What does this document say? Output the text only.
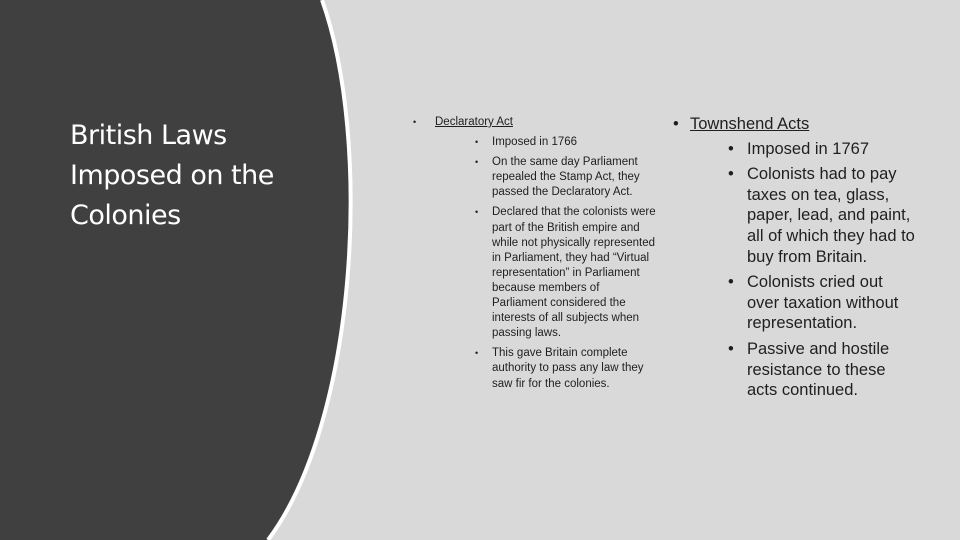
British Laws Imposed on the Colonies
• Declaratory Act
• Imposed in 1766
• On the same day Parliament repealed the Stamp Act, they passed the Declaratory Act.
• Declared that the colonists were part of the British empire and while not physically represented in Parliament, they had “Virtual representation” in Parliament because members of Parliament considered the interests of all subjects when passing laws.
• This gave Britain complete authority to pass any law they saw fir for the colonies.
• Townshend Acts
• Imposed in 1767
• Colonists had to pay taxes on tea, glass, paper, lead, and paint, all of which they had to buy from Britain.
• Colonists cried out over taxation without representation.
• Passive and hostile resistance to these acts continued.
